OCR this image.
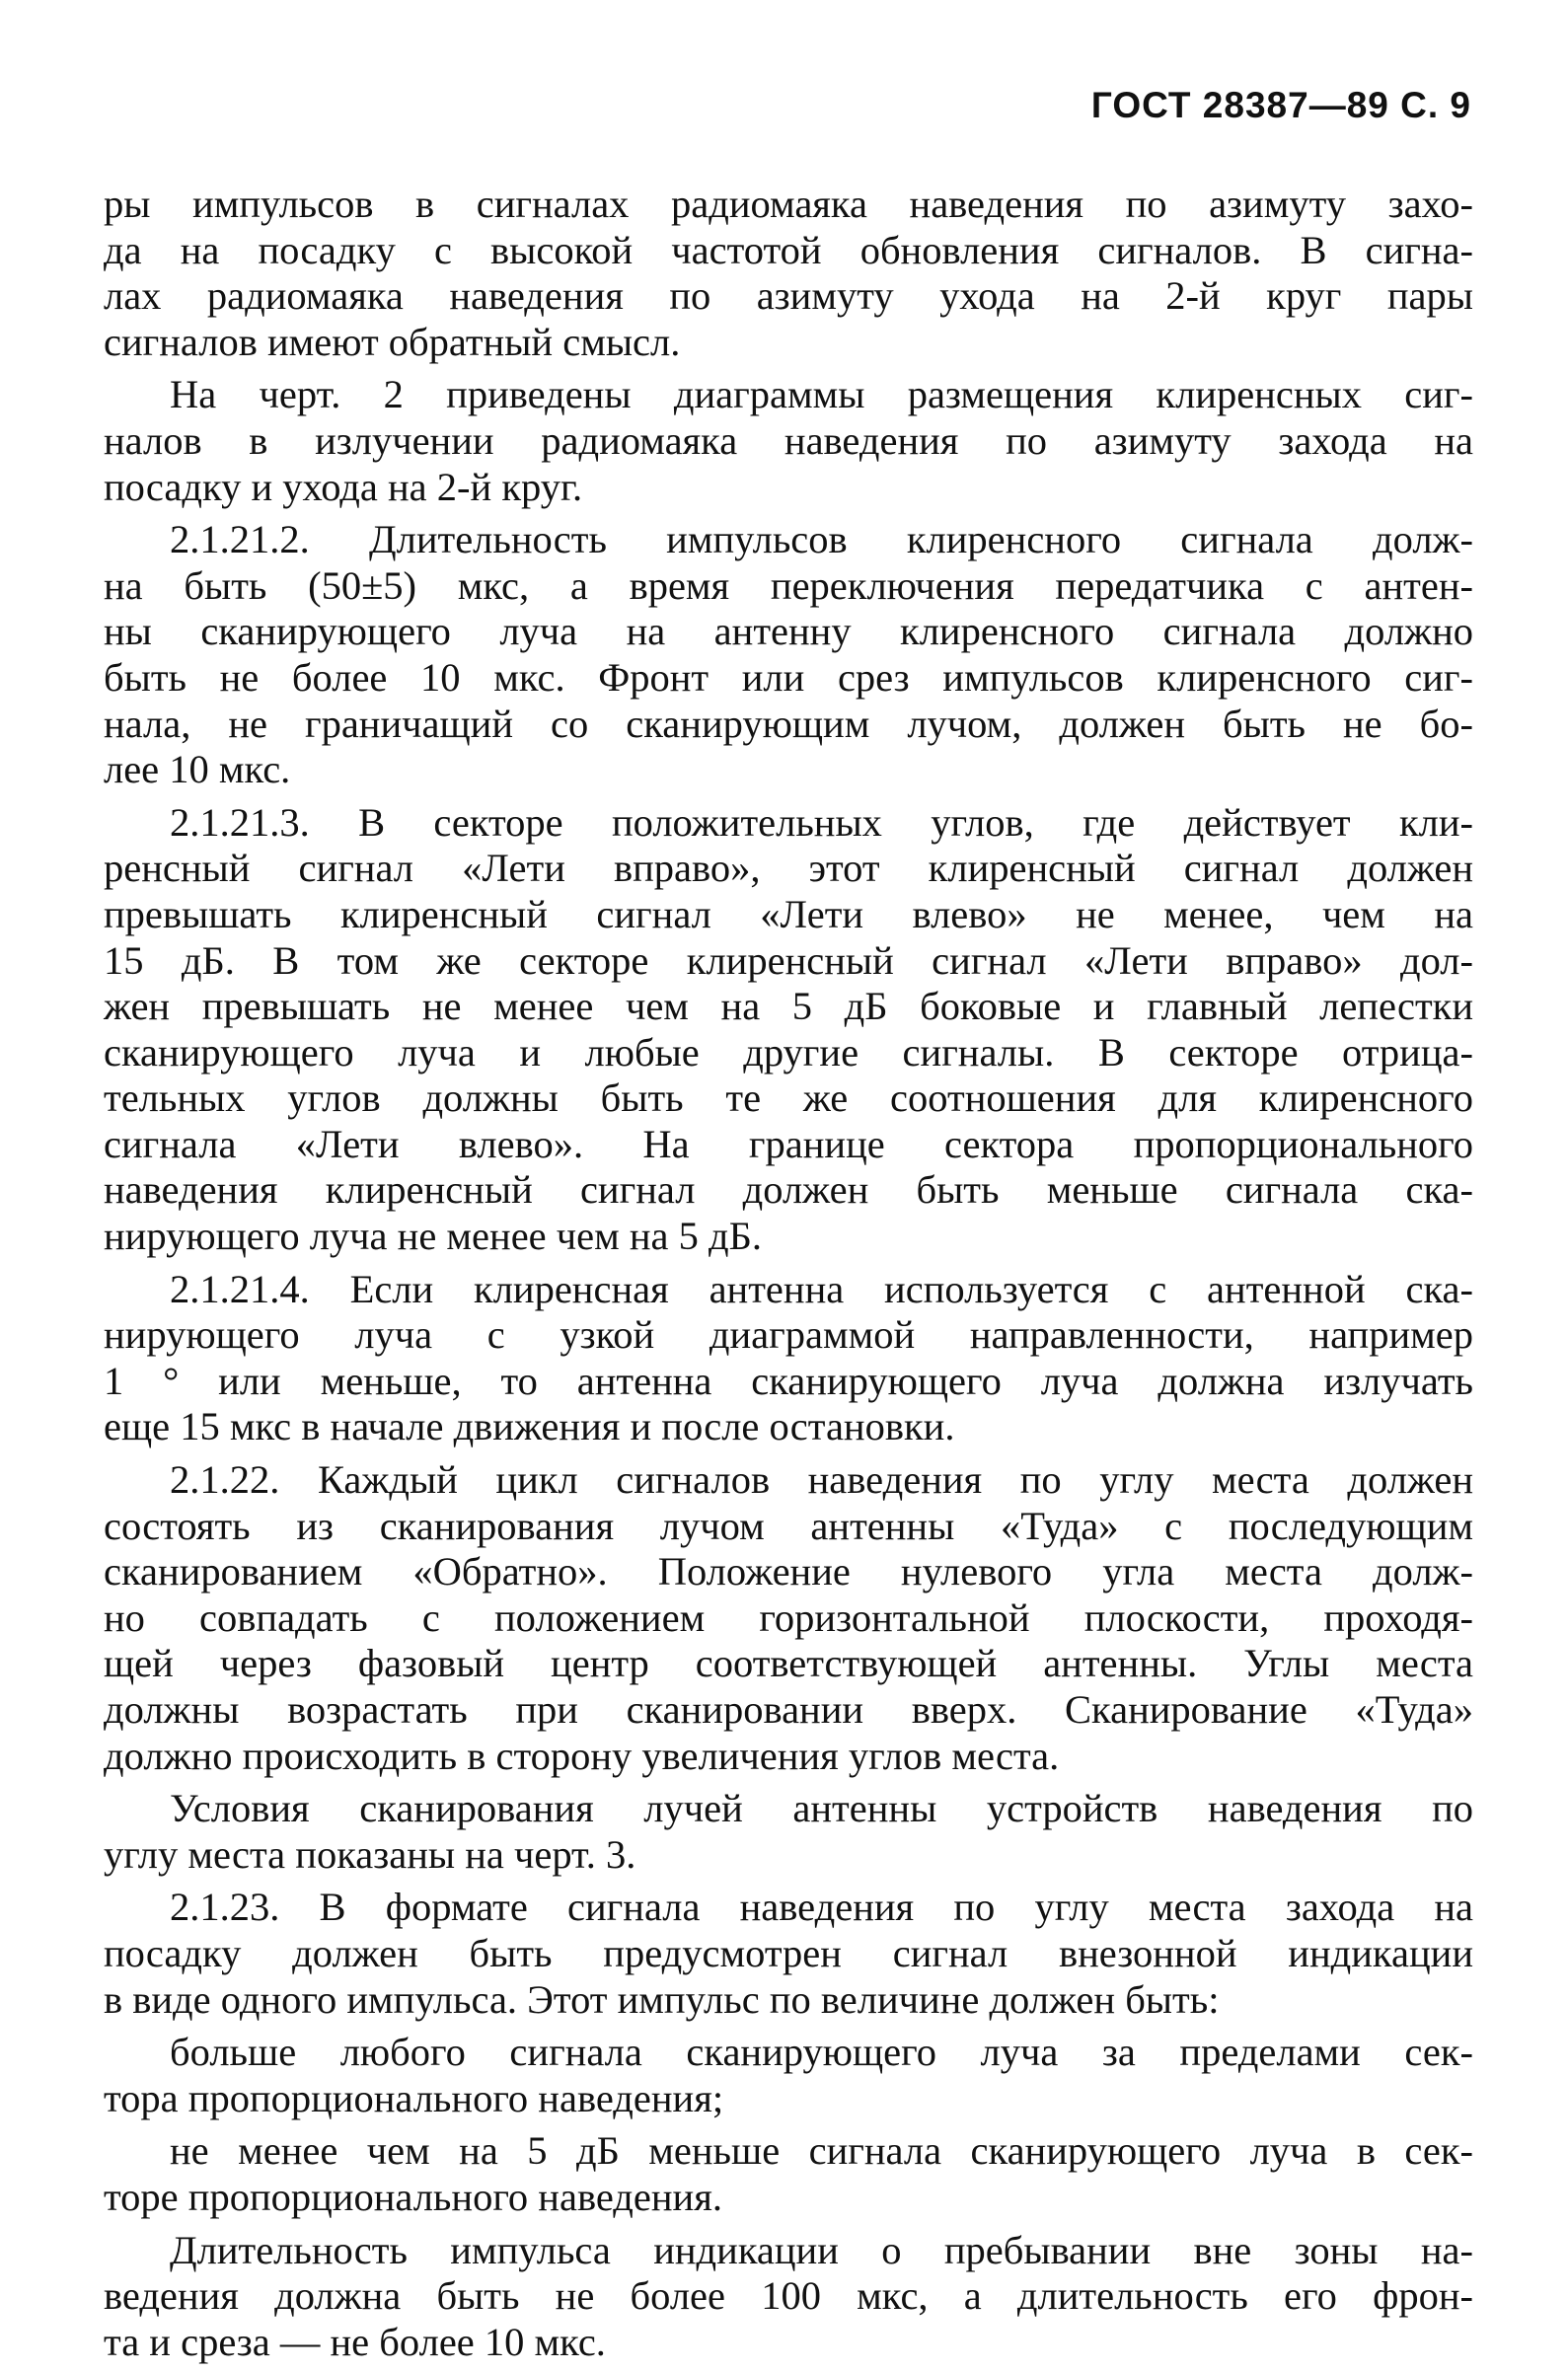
ГОСТ 28387—89 С. 9

ры импульсов в сигналах радиомаяка наведения по азимуту захо-
да на посадку с высокой частотой обновления сигналов. В сигна-
лах радиомаяка наведения по азимуту ухода на 2-й круг пары
сигналов имеют обратный смысл.

На черт. 2 приведены диаграммы размещения клиренсных сиг-
налов в излучении радиомаяка наведения по азимуту захода на
посадку и ухода на 2-й круг.

2.1.21.2. Длительность импульсов клиренсного сигнала долж-
на быть (50±5) мкс, а время переключения передатчика с антен-
ны сканирующего луча на антенну клиренсного сигнала должно
быть не более 10 мкс. Фронт или срез импульсов клиренсного сиг-
нала, не граничащий со сканирующим лучом, должен быть не бо-
лее 10 мкс.

2.1.21.3. В секторе положительных углов, где действует кли-
ренсный сигнал «Лети вправо», этот клиренсный сигнал должен
превышать клиренсный сигнал «Лети влево» не менее, чем на
15 дБ. В том же секторе клиренсный сигнал «Лети вправо» дол-
жен превышать не менее чем на 5 дБ боковые и главный лепестки
сканирующего луча и любые другие сигналы. В секторе отрица-
тельных углов должны быть те же соотношения для клиренсного
сигнала «Лети влево». На границе сектора пропорционального
наведения клиренсный сигнал должен быть меньше сигнала ска-
нирующего луча не менее чем на 5 дБ.

2.1.21.4. Если клиренсная антенна используется с антенной ска-
нирующего луча с узкой диаграммой направленности, например
1 ° или меньше, то антенна сканирующего луча должна излучать
еще 15 мкс в начале движения и после остановки.

2.1.22. Каждый цикл сигналов наведения по углу места должен
состоять из сканирования лучом антенны «Туда» с последующим
сканированием «Обратно». Положение нулевого угла места долж-
но совпадать с положением горизонтальной плоскости, проходя-
щей через фазовый центр соответствующей антенны. Углы места
должны возрастать при сканировании вверх. Сканирование «Туда»
должно происходить в сторону увеличения углов места.

Условия сканирования лучей антенны устройств наведения по
углу места показаны на черт. 3.

2.1.23. В формате сигнала наведения по углу места захода на
посадку должен быть предусмотрен сигнал внезонной индикации
в виде одного импульса. Этот импульс по величине должен быть:

больше любого сигнала сканирующего луча за пределами сек-
тора пропорционального наведения;

не менее чем на 5 дБ меньше сигнала сканирующего луча в сек-
торе пропорционального наведения.

Длительность импульса индикации о пребывании вне зоны на-
ведения должна быть не более 100 мкс, а длительность его фрон-
та и среза — не более 10 мкс.
